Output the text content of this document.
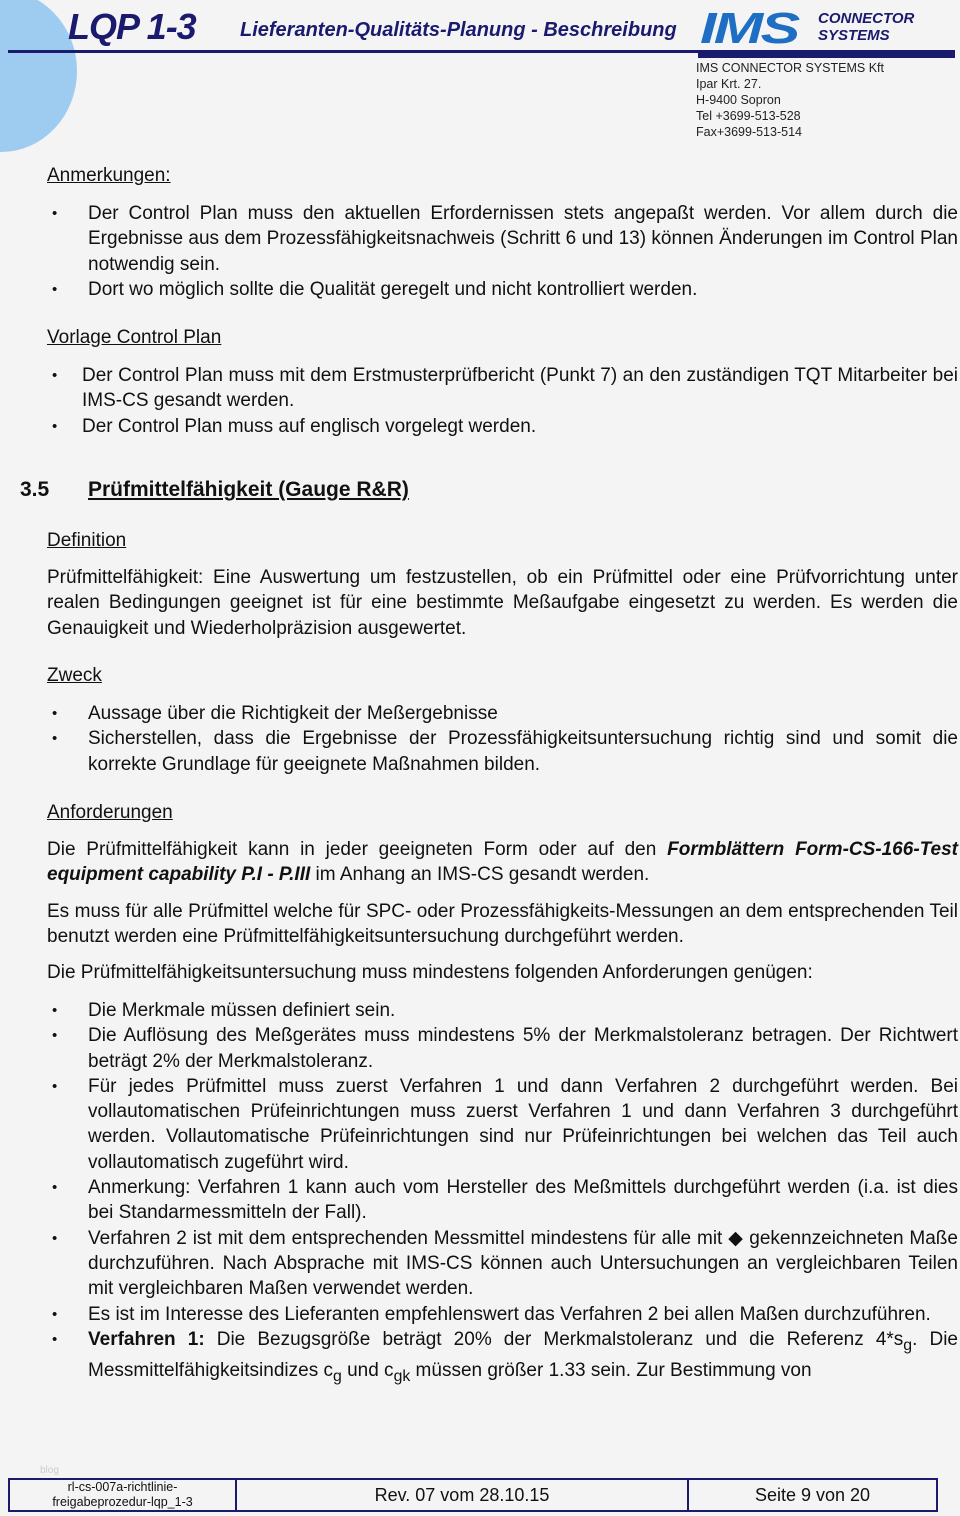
LQP 1-3 Lieferanten-Qualitäts-Planung - Beschreibung IMS CONNECTOR
SYSTEMS
IMS CONNECTOR SYSTEMS Kft
Ipar Krt. 27.
H-9400 Sopron
Tel +3699-513-528
Fax+3699-513-514
Anmerkungen:
• Der Control Plan muss den aktuellen Erfordernissen stets angepaßt werden. Vor allem durch die Ergebnisse aus dem Prozessfähigkeitsnachweis (Schritt 6 und 13) können Änderungen im Control Plan notwendig sein.
• Dort wo möglich sollte die Qualität geregelt und nicht kontrolliert werden.
Vorlage Control Plan
• Der Control Plan muss mit dem Erstmusterprüfbericht (Punkt 7) an den zuständigen TQT Mitarbeiter bei IMS-CS gesandt werden.
• Der Control Plan muss auf englisch vorgelegt werden.
3.5 Prüfmittelfähigkeit (Gauge R&R)
Definition
Prüfmittelfähigkeit: Eine Auswertung um festzustellen, ob ein Prüfmittel oder eine Prüfvorrichtung unter realen Bedingungen geeignet ist für eine bestimmte Meßaufgabe eingesetzt zu werden. Es werden die Genauigkeit und Wiederholpräzision ausgewertet.
Zweck
• Aussage über die Richtigkeit der Meßergebnisse
• Sicherstellen, dass die Ergebnisse der Prozessfähigkeitsuntersuchung richtig sind und somit die korrekte Grundlage für geeignete Maßnahmen bilden.
Anforderungen
Die Prüfmittelfähigkeit kann in jeder geeigneten Form oder auf den Formblättern Form-CS-166-Test equipment capability P.I - P.III im Anhang an IMS-CS gesandt werden.
Es muss für alle Prüfmittel welche für SPC- oder Prozessfähigkeits-Messungen an dem entsprechenden Teil benutzt werden eine Prüfmittelfähigkeitsuntersuchung durchgeführt werden.
Die Prüfmittelfähigkeitsuntersuchung muss mindestens folgenden Anforderungen genügen:
• Die Merkmale müssen definiert sein.
• Die Auflösung des Meßgerätes muss mindestens 5% der Merkmalstoleranz betragen. Der Richtwert beträgt 2% der Merkmalstoleranz.
• Für jedes Prüfmittel muss zuerst Verfahren 1 und dann Verfahren 2 durchgeführt werden. Bei vollautomatischen Prüfeinrichtungen muss zuerst Verfahren 1 und dann Verfahren 3 durchgeführt werden. Vollautomatische Prüfeinrichtungen sind nur Prüfeinrichtungen bei welchen das Teil auch vollautomatisch zugeführt wird.
• Anmerkung: Verfahren 1 kann auch vom Hersteller des Meßmittels durchgeführt werden (i.a. ist dies bei Standarmessmitteln der Fall).
• Verfahren 2 ist mit dem entsprechenden Messmittel mindestens für alle mit ◆ gekennzeichneten Maße durchzuführen. Nach Absprache mit IMS-CS können auch Untersuchungen an vergleichbaren Teilen mit vergleichbaren Maßen verwendet werden.
• Es ist im Interesse des Lieferanten empfehlenswert das Verfahren 2 bei allen Maßen durchzuführen.
• Verfahren 1: Die Bezugsgröße beträgt 20% der Merkmalstoleranz und die Referenz $4*s_g$. Die Messmittelfähigkeitsindizes $c_g$ und $c_{gk}$ müssen größer 1.33 sein. Zur Bestimmung von
blog
rl-cs-007a-richtlinie-freigabeprozedur-lqp_1-3	Rev. 07 vom 28.10.15	Seite 9 von 20
